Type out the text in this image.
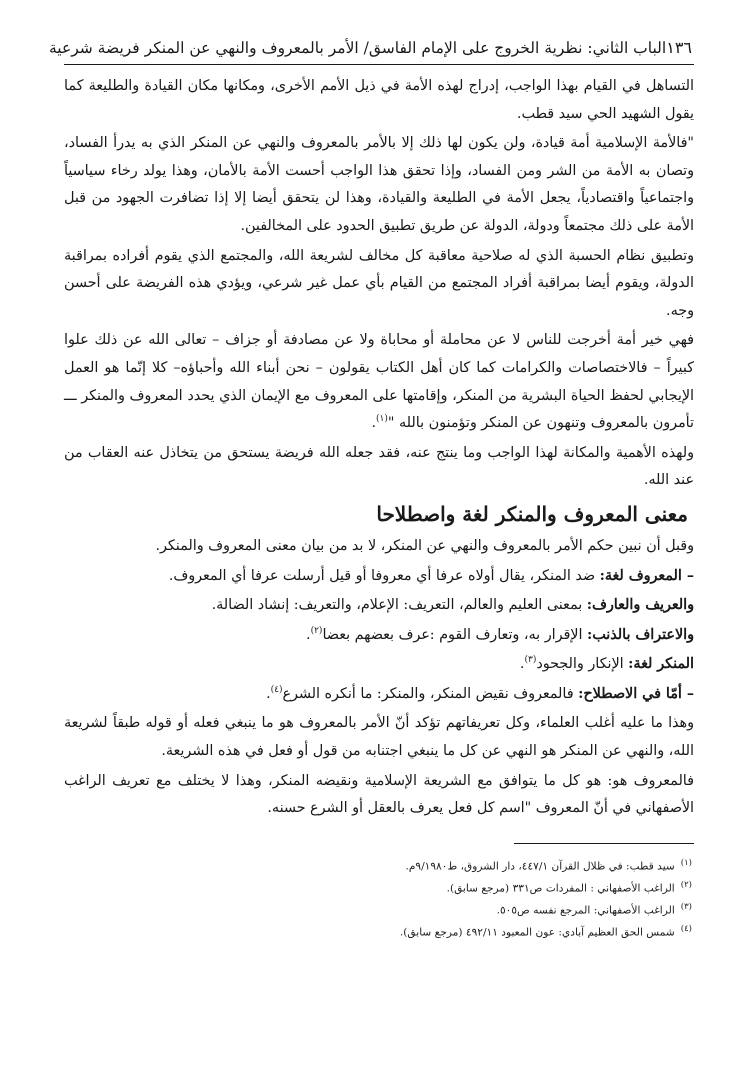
١٣٦
الباب الثاني: نظرية الخروج على الإمام الفاسق/ الأمر بالمعروف والنهي عن المنكر فريضة شرعية

التساهل في القيام بهذا الواجب، إدراج لهذه الأمة في ذيل الأمم الأخرى، ومكانها مكان القيادة والطليعة كما يقول الشهيد الحي سيد قطب.

"فالأمة الإسلامية أمة قيادة، ولن يكون لها ذلك إلا بالأمر بالمعروف والنهي عن المنكر الذي به يدرأ الفساد، وتصان به الأمة من الشر ومن الفساد، وإذا تحقق هذا الواجب أحست الأمة بالأمان، وهذا يولد رخاء سياسياً واجتماعياً واقتصادياً، يجعل الأمة في الطليعة والقيادة، وهذا لن يتحقق أيضا إلا إذا تضافرت الجهود من قبل الأمة على ذلك مجتمعاً ودولة، الدولة عن طريق تطبيق الحدود على المخالفين.

وتطبيق نظام الحسبة الذي له صلاحية معاقبة كل مخالف لشريعة الله، والمجتمع الذي يقوم أفراده بمراقبة الدولة، ويقوم أيضا بمراقبة أفراد المجتمع من القيام بأي عمل غير شرعي، ويؤدي هذه الفريضة على أحسن وجه.

فهي خير أمة أخرجت للناس لا عن محاملة أو محاباة ولا عن مصادفة أو جزاف – تعالى الله عن ذلك علوا كبيراً – فالاختصاصات والكرامات كما كان أهل الكتاب يقولون – نحن أبناء الله وأحباؤه– كلا إنّما هو العمل الإيجابي لحفظ الحياة البشرية من المنكر، وإقامتها على المعروف مع الإيمان الذي يحدد المعروف والمنكر ـــ تأمرون بالمعروف وتنهون عن المنكر وتؤمنون بالله "$^{(١)}$.

ولهذه الأهمية والمكانة لهذا الواجب وما ينتج عنه، فقد جعله الله فريضة يستحق من يتخاذل عنه العقاب من عند الله.

معنى المعروف والمنكر لغة واصطلاحا

وقبل أن نبين حكم الأمر بالمعروف والنهي عن المنكر، لا بد من بيان معنى المعروف والمنكر.

– المعروف لغة: ضد المنكر، يقال أولاه عرفا أي معروفا أو قيل أرسلت عرفا أي المعروف.

والعريف والعارف: بمعنى العليم والعالم، التعريف: الإعلام، والتعريف: إنشاد الضالة.

والاعتراف بالذنب: الإقرار به، وتعارف القوم :عرف بعضهم بعضا$^{(٢)}$.

المنكر لغة: الإنكار والجحود$^{(٣)}$.

– أمّا في الاصطلاح: فالمعروف نقيض المنكر، والمنكر: ما أنكره الشرع$^{(٤)}$.

وهذا ما عليه أغلب العلماء، وكل تعريفاتهم تؤكد أنّ الأمر بالمعروف هو ما ينبغي فعله أو قوله طبقاً لشريعة الله، والنهي عن المنكر هو النهي عن كل ما ينبغي اجتنابه من قول أو فعل في هذه الشريعة.

فالمعروف هو: هو كل ما يتوافق مع الشريعة الإسلامية ونقيضه المنكر، وهذا لا يختلف مع تعريف الراغب الأصفهاني في أنّ المعروف "اسم كل فعل يعرف بالعقل أو الشرع حسنه.

$^{(١)}$سيد قطب: في ظلال القرآن ٤٤٧/١، دار الشروق، ط٩/١٩٨٠م.
$^{(٢)}$الراغب الأصفهاني : المفردات ص٣٣١ (مرجع سابق).
$^{(٣)}$الراغب الأصفهاني: المرجع نفسه ص٥٠٥.
$^{(٤)}$شمس الحق العظيم آبادي: عون المعبود ٤٩٢/١١ (مرجع سابق).
